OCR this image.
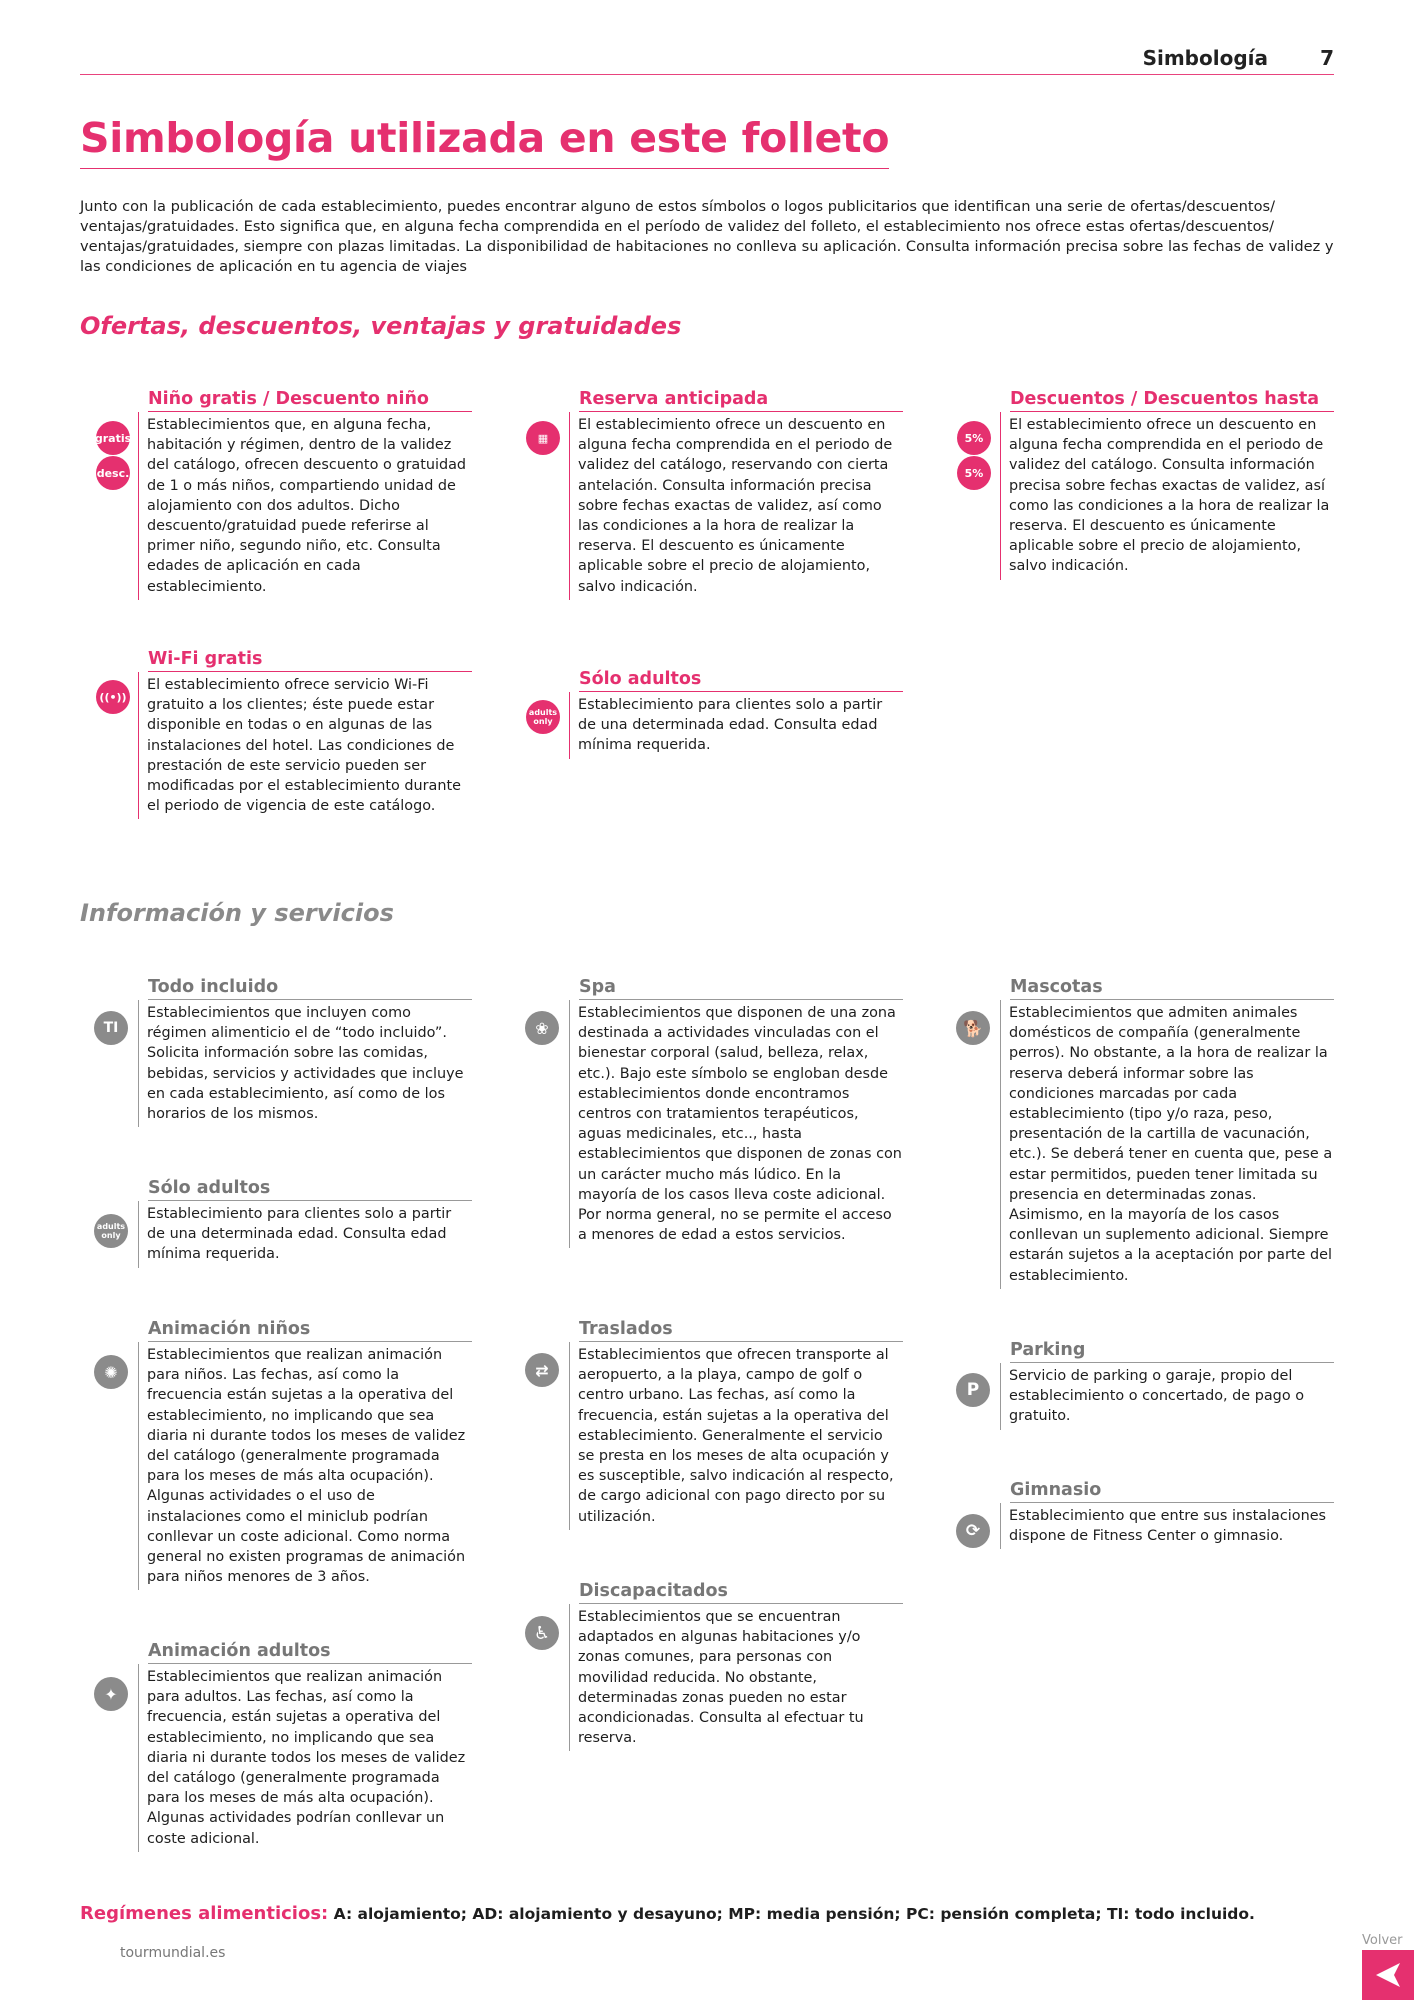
Simbología	7
Simbología utilizada en este folleto
Junto con la publicación de cada establecimiento, puedes encontrar alguno de estos símbolos o logos publicitarios que identifican una serie de ofertas/descuentos/ ventajas/gratuidades. Esto significa que, en alguna fecha comprendida en el período de validez del folleto, el establecimiento nos ofrece estas ofertas/descuentos/ ventajas/gratuidades, siempre con plazas limitadas. La disponibilidad de habitaciones no conlleva su aplicación. Consulta información precisa sobre las fechas de validez y las condiciones de aplicación en tu agencia de viajes
Ofertas, descuentos, ventajas y gratuidades
gratis
desc.
Niño gratis / Descuento niño
Establecimientos que, en alguna fecha, habitación y régimen, dentro de la validez del catálogo, ofrecen descuento o gratuidad de 1 o más niños, compartiendo unidad de alojamiento con dos adultos. Dicho descuento/gratuidad puede referirse al primer niño, segundo niño, etc. Consulta edades de aplicación en cada establecimiento.
▦
Reserva anticipada
El establecimiento ofrece un descuento en alguna fecha comprendida en el periodo de validez del catálogo, reservando con cierta antelación. Consulta información precisa sobre fechas exactas de validez, así como las condiciones a la hora de realizar la reserva. El descuento es únicamente aplicable sobre el precio de alojamiento, salvo indicación.
5%
5%
Descuentos / Descuentos hasta
El establecimiento ofrece un descuento en alguna fecha comprendida en el periodo de validez del catálogo. Consulta información precisa sobre fechas exactas de validez, así como las condiciones a la hora de realizar la reserva. El descuento es únicamente aplicable sobre el precio de alojamiento, salvo indicación.
((•))
Wi-Fi gratis
El establecimiento ofrece servicio Wi-Fi gratuito a los clientes; éste puede estar disponible en todas o en algunas de las instalaciones del hotel. Las condiciones de prestación de este servicio pueden ser modificadas por el establecimiento durante el periodo de vigencia de este catálogo.
adults only
Sólo adultos
Establecimiento para clientes solo a partir de una determinada edad. Consulta edad mínima requerida.
Información y servicios
TI
Todo incluido
Establecimientos que incluyen como régimen alimenticio el de “todo incluido”. Solicita información sobre las comidas, bebidas, servicios y actividades que incluye en cada establecimiento, así como de los horarios de los mismos.
adults only
Sólo adultos
Establecimiento para clientes solo a partir de una determinada edad. Consulta edad mínima requerida.
✺
Animación niños
Establecimientos que realizan animación para niños. Las fechas, así como la frecuencia están sujetas a la operativa del establecimiento, no implicando que sea diaria ni durante todos los meses de validez del catálogo (generalmente programada para los meses de más alta ocupación). Algunas actividades o el uso de instalaciones como el miniclub podrían conllevar un coste adicional. Como norma general no existen programas de animación para niños menores de 3 años.
✦
Animación adultos
Establecimientos que realizan animación para adultos. Las fechas, así como la frecuencia, están sujetas a operativa del establecimiento, no implicando que sea diaria ni durante todos los meses de validez del catálogo (generalmente programada para los meses de más alta ocupación). Algunas actividades podrían conllevar un coste adicional.
❀
Spa
Establecimientos que disponen de una zona destinada a actividades vinculadas con el bienestar corporal (salud, belleza, relax, etc.). Bajo este símbolo se engloban desde establecimientos donde encontramos centros con tratamientos terapéuticos, aguas medicinales, etc.., hasta establecimientos que disponen de zonas con un carácter mucho más lúdico. En la mayoría de los casos lleva coste adicional. Por norma general, no se permite el acceso a menores de edad a estos servicios.
⇄
Traslados
Establecimientos que ofrecen transporte al aeropuerto, a la playa, campo de golf o centro urbano. Las fechas, así como la frecuencia, están sujetas a la operativa del establecimiento. Generalmente el servicio se presta en los meses de alta ocupación y es susceptible, salvo indicación al respecto, de cargo adicional con pago directo por su utilización.
♿
Discapacitados
Establecimientos que se encuentran adaptados en algunas habitaciones y/o zonas comunes, para personas con movilidad reducida. No obstante, determinadas zonas pueden no estar acondicionadas. Consulta al efectuar tu reserva.
🐕
Mascotas
Establecimientos que admiten animales domésticos de compañía (generalmente perros). No obstante, a la hora de realizar la reserva deberá informar sobre las condiciones marcadas por cada establecimiento (tipo y/o raza, peso, presentación de la cartilla de vacunación, etc.). Se deberá tener en cuenta que, pese a estar permitidos, pueden tener limitada su presencia en determinadas zonas. Asimismo, en la mayoría de los casos conllevan un suplemento adicional. Siempre estarán sujetos a la aceptación por parte del establecimiento.
P
Parking
Servicio de parking o garaje, propio del establecimiento o concertado, de pago o gratuito.
⟳
Gimnasio
Establecimiento que entre sus instalaciones dispone de Fitness Center o gimnasio.
Regímenes alimenticios: A: alojamiento; AD: alojamiento y desayuno; MP: media pensión; PC: pensión completa; TI: todo incluido.
tourmundial.es
Volver
